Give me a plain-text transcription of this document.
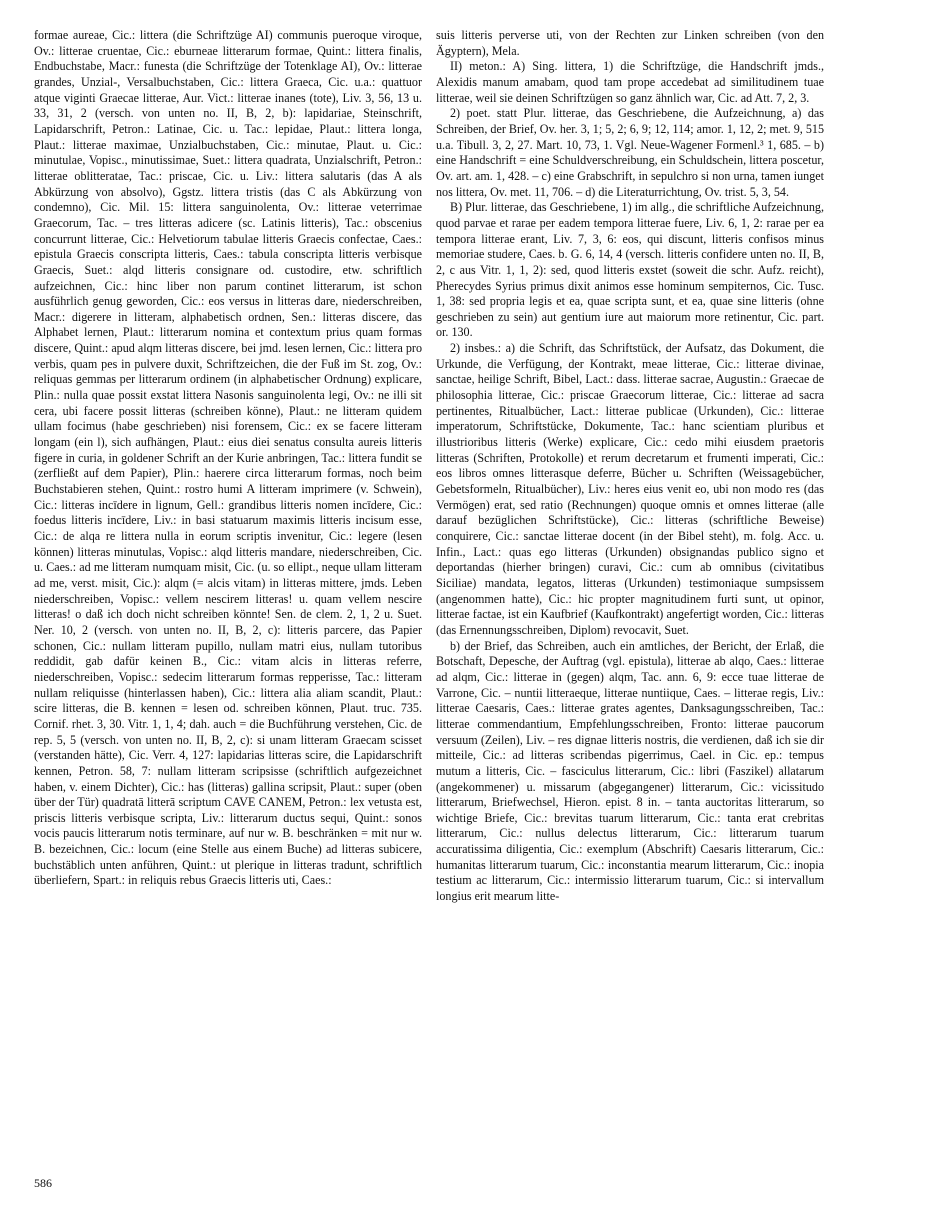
formae aureae, Cic.: littera (die Schriftzüge AI) communis pueroque viroque, Ov.: litterae cruentae, Cic.: eburneae litterarum formae, Quint.: littera finalis, Endbuchstabe, Macr.: funesta (die Schriftzüge der Totenklage AI), Ov.: litterae grandes, Unzial-, Versalbuchstaben, Cic.: littera Graeca, Cic. u.a.: quattuor atque viginti Graecae litterae, Aur. Vict.: litterae inanes (tote), Liv. 3, 56, 13 u. 33, 31, 2 (versch. von unten no. II, B, 2, b): lapidariae, Steinschrift, Lapidarschrift, Petron.: Latinae, Cic. u. Tac.: lepidae, Plaut.: littera longa, Plaut.: litterae maximae, Unzialbuchstaben, Cic.: minutae, Plaut. u. Cic.: minutulae, Vopisc., minutissimae, Suet.: littera quadrata, Unzialschrift, Petron.: litterae oblitteratae, Tac.: priscae, Cic. u. Liv.: littera salutaris (das A als Abkürzung von absolvo), Ggstz. littera tristis (das C als Abkürzung von condemno), Cic. Mil. 15: littera sanguinolenta, Ov.: litterae veterrimae Graecorum, Tac. – tres litteras adicere (sc. Latinis litteris), Tac.: obscenius concurrunt litterae, Cic.: Helvetiorum tabulae litteris Graecis confectae, Caes.: epistula Graecis conscripta litteris, Caes.: tabula conscripta litteris verbisque Graecis, Suet.: alqd litteris consignare od. custodire, etw. schriftlich aufzeichnen, Cic.: hinc liber non parum continet litterarum, ist schon ausführlich genug geworden, Cic.: eos versus in litteras dare, niederschreiben, Macr.: digerere in litteram, alphabetisch ordnen, Sen.: litteras discere, das Alphabet lernen, Plaut.: litterarum nomina et contextum prius quam formas discere, Quint.: apud alqm litteras discere, bei jmd. lesen lernen, Cic.: littera pro verbis, quam pes in pulvere duxit, Schriftzeichen, die der Fuß im St. zog, Ov.: reliquas gemmas per litterarum ordinem (in alphabetischer Ordnung) explicare, Plin.: nulla quae possit exstat littera Nasonis sanguinolenta legi, Ov.: ne illi sit cera, ubi facere possit litteras (schreiben könne), Plaut.: ne litteram quidem ullam focimus (habe geschrieben) nisi forensem, Cic.: ex se facere litteram longam (ein l), sich aufhängen, Plaut.: eius diei senatus consulta aureis litteris figere in curia, in goldener Schrift an der Kurie anbringen, Tac.: littera fundit se (zerfließt auf dem Papier), Plin.: haerere circa litterarum formas, noch beim Buchstabieren stehen, Quint.: rostro humi A litteram imprimere (v. Schwein), Cic.: litteras incīdere in lignum, Gell.: grandibus litteris nomen incīdere, Cic.: foedus litteris incīdere, Liv.: in basi statuarum maximis litteris incisum esse, Cic.: de alqa re littera nulla in eorum scriptis invenitur, Cic.: legere (lesen können) litteras minutulas, Vopisc.: alqd litteris mandare, niederschreiben, Cic. u. Caes.: ad me litteram numquam misit, Cic. (u. so ellipt., neque ullam litteram ad me, verst. misit, Cic.): alqm (= alcis vitam) in litteras mittere, jmds. Leben niederschreiben, Vopisc.: vellem nescirem litteras! u. quam vellem nescire litteras! o daß ich doch nicht schreiben könnte! Sen. de clem. 2, 1, 2 u. Suet. Ner. 10, 2 (versch. von unten no. II, B, 2, c): litteris parcere, das Papier schonen, Cic.: nullam litteram pupillo, nullam matri eius, nullam tutoribus reddidit, gab dafür keinen B., Cic.: vitam alcis in litteras referre, niederschreiben, Vopisc.: sedecim litterarum formas repperisse, Tac.: litteram nullam reliquisse (hinterlassen haben), Cic.: littera alia aliam scandit, Plaut.: scire litteras, die B. kennen = lesen od. schreiben können, Plaut. truc. 735. Cornif. rhet. 3, 30. Vitr. 1, 1, 4; dah. auch = die Buchführung verstehen, Cic. de rep. 5, 5 (versch. von unten no. II, B, 2, c): si unam litteram Graecam scisset (verstanden hätte), Cic. Verr. 4, 127: lapidarias litteras scire, die Lapidarschrift kennen, Petron. 58, 7: nullam litteram scripsisse (schriftlich aufgezeichnet haben, v. einem Dichter), Cic.: has (litteras) gallina scripsit, Plaut.: super (oben über der Tür) quadratā litterā scriptum CAVE CANEM, Petron.: lex vetusta est, priscis litteris verbisque scripta, Liv.: litterarum ductus sequi, Quint.: sonos vocis paucis litterarum notis terminare, auf nur w. B. beschränken = mit nur w. B. bezeichnen, Cic.: locum (eine Stelle aus einem Buche) ad litteras subicere, buchstäblich unten anführen, Quint.: ut plerique in litteras tradunt, schriftlich überliefern, Spart.: in reliquis rebus Graecis litteris uti, Caes.:

suis litteris perverse uti, von der Rechten zur Linken schreiben (von den Ägyptern), Mela.

II) meton.: A) Sing. littera, 1) die Schriftzüge, die Handschrift jmds., Alexidis manum amabam, quod tam prope accedebat ad similitudinem tuae litterae, weil sie deinen Schriftzügen so ganz ähnlich war, Cic. ad Att. 7, 2, 3.

2) poet. statt Plur. litterae, das Geschriebene, die Aufzeichnung, a) das Schreiben, der Brief, Ov. her. 3, 1; 5, 2; 6, 9; 12, 114; amor. 1, 12, 2; met. 9, 515 u.a. Tibull. 3, 2, 27. Mart. 10, 73, 1. Vgl. Neue-Wagener Formenl.³ 1, 685. – b) eine Handschrift = eine Schuldverschreibung, ein Schuldschein, littera poscetur, Ov. art. am. 1, 428. – c) eine Grabschrift, in sepulchro si non urna, tamen iunget nos littera, Ov. met. 11, 706. – d) die Literaturrichtung, Ov. trist. 5, 3, 54.

B) Plur. litterae, das Geschriebene, 1) im allg., die schriftliche Aufzeichnung, quod parvae et rarae per eadem tempora litterae fuere, Liv. 6, 1, 2: rarae per ea tempora litterae erant, Liv. 7, 3, 6: eos, qui discunt, litteris confisos minus memoriae studere, Caes. b. G. 6, 14, 4 (versch. litteris confidere unten no. II, B, 2, c aus Vitr. 1, 1, 2): sed, quod litteris exstet (soweit die schr. Aufz. reicht), Pherecydes Syrius primus dixit animos esse hominum sempiternos, Cic. Tusc. 1, 38: sed propria legis et ea, quae scripta sunt, et ea, quae sine litteris (ohne geschrieben zu sein) aut gentium iure aut maiorum more retinentur, Cic. part. or. 130.

2) insbes.: a) die Schrift, das Schriftstück, der Aufsatz, das Dokument, die Urkunde, die Verfügung, der Kontrakt, meae litterae, Cic.: litterae divinae, sanctae, heilige Schrift, Bibel, Lact.: dass. litterae sacrae, Augustin.: Graecae de philosophia litterae, Cic.: priscae Graecorum litterae, Cic.: litterae ad sacra pertinentes, Ritualbücher, Lact.: litterae publicae (Urkunden), Cic.: litterae imperatorum, Schriftstücke, Dokumente, Tac.: hanc scientiam pluribus et illustrioribus litteris (Werke) explicare, Cic.: cedo mihi eiusdem praetoris litteras (Schriften, Protokolle) et rerum decretarum et frumenti imperati, Cic.: eos libros omnes litterasque deferre, Bücher u. Schriften (Weissagebücher, Gebetsformeln, Ritualbücher), Liv.: heres eius venit eo, ubi non modo res (das Vermögen) erat, sed ratio (Rechnungen) quoque omnis et omnes litterae (alle darauf bezüglichen Schriftstücke), Cic.: litteras (schriftliche Beweise) conquirere, Cic.: sanctae litterae docent (in der Bibel steht), m. folg. Acc. u. Infin., Lact.: quas ego litteras (Urkunden) obsignandas publico signo et deportandas (hierher bringen) curavi, Cic.: cum ab omnibus (civitatibus Siciliae) mandata, legatos, litteras (Urkunden) testimoniaque sumpsissem (angenommen hatte), Cic.: hic propter magnitudinem furti sunt, ut opinor, litterae factae, ist ein Kaufbrief (Kaufkontrakt) angefertigt worden, Cic.: litteras (das Ernennungsschreiben, Diplom) revocavit, Suet.

b) der Brief, das Schreiben, auch ein amtliches, der Bericht, der Erlaß, die Botschaft, Depesche, der Auftrag (vgl. epistula), litterae ab alqo, Caes.: litterae ad alqm, Cic.: litterae in (gegen) alqm, Tac. ann. 6, 9: ecce tuae litterae de Varrone, Cic. – nuntii litteraeque, litterae nuntiique, Caes. – litterae regis, Liv.: litterae Caesaris, Caes.: litterae grates agentes, Danksagungsschreiben, Tac.: litterae commendantium, Empfehlungsschreiben, Fronto: litterae paucorum versuum (Zeilen), Liv. – res dignae litteris nostris, die verdienen, daß ich sie dir mitteile, Cic.: ad litteras scribendas pigerrimus, Cael. in Cic. ep.: tempus mutum a litteris, Cic. – fasciculus litterarum, Cic.: libri (Faszikel) allatarum (angekommener) u. missarum (abgegangener) litterarum, Cic.: vicissitudo litterarum, Briefwechsel, Hieron. epist. 8 in. – tanta auctoritas litterarum, so wichtige Briefe, Cic.: brevitas tuarum litterarum, Cic.: tanta erat crebritas litterarum, Cic.: nullus delectus litterarum, Cic.: litterarum tuarum accuratissima diligentia, Cic.: exemplum (Abschrift) Caesaris litterarum, Cic.: humanitas litterarum tuarum, Cic.: inconstantia mearum litterarum, Cic.: inopia testium ac litterarum, Cic.: intermissio litterarum tuarum, Cic.: si intervallum longius erit mearum litte-

586
